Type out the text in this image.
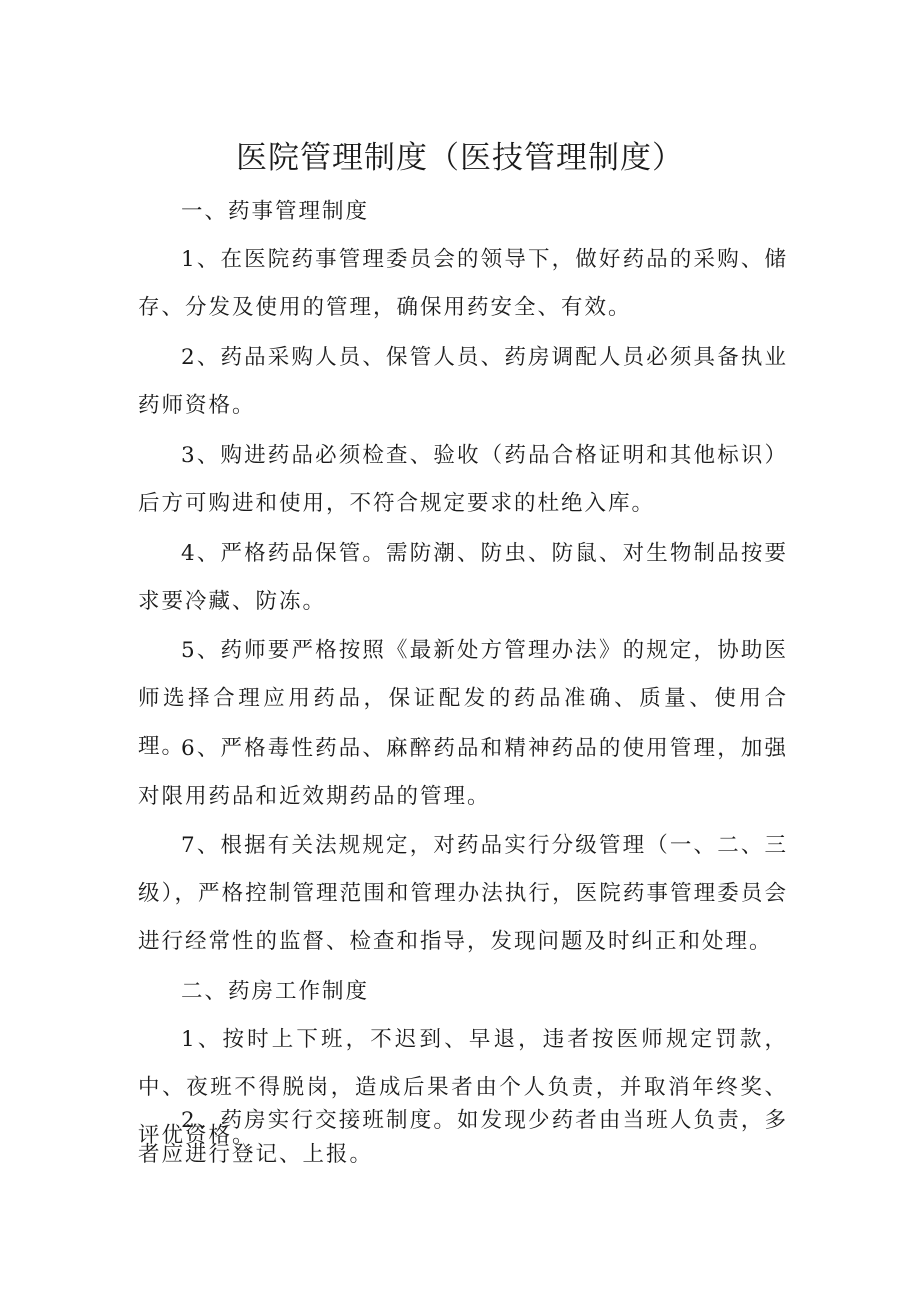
医院管理制度（医技管理制度）

一、药事管理制度

1、在医院药事管理委员会的领导下，做好药品的采购、储存、分发及使用的管理，确保用药安全、有效。

2、药品采购人员、保管人员、药房调配人员必须具备执业药师资格。

3、购进药品必须检查、验收（药品合格证明和其他标识）后方可购进和使用，不符合规定要求的杜绝入库。

4、严格药品保管。需防潮、防虫、防鼠、对生物制品按要求要冷藏、防冻。

5、药师要严格按照《最新处方管理办法》的规定，协助医师选择合理应用药品，保证配发的药品准确、质量、使用合理。

6、严格毒性药品、麻醉药品和精神药品的使用管理，加强对限用药品和近效期药品的管理。

7、根据有关法规规定，对药品实行分级管理（一、二、三级），严格控制管理范围和管理办法执行，医院药事管理委员会进行经常性的监督、检查和指导，发现问题及时纠正和处理。

二、药房工作制度

1、按时上下班，不迟到、早退，违者按医师规定罚款，中、夜班不得脱岗，造成后果者由个人负责，并取消年终奖、评优资格。

2、药房实行交接班制度。如发现少药者由当班人负责，多者应进行登记、上报。
